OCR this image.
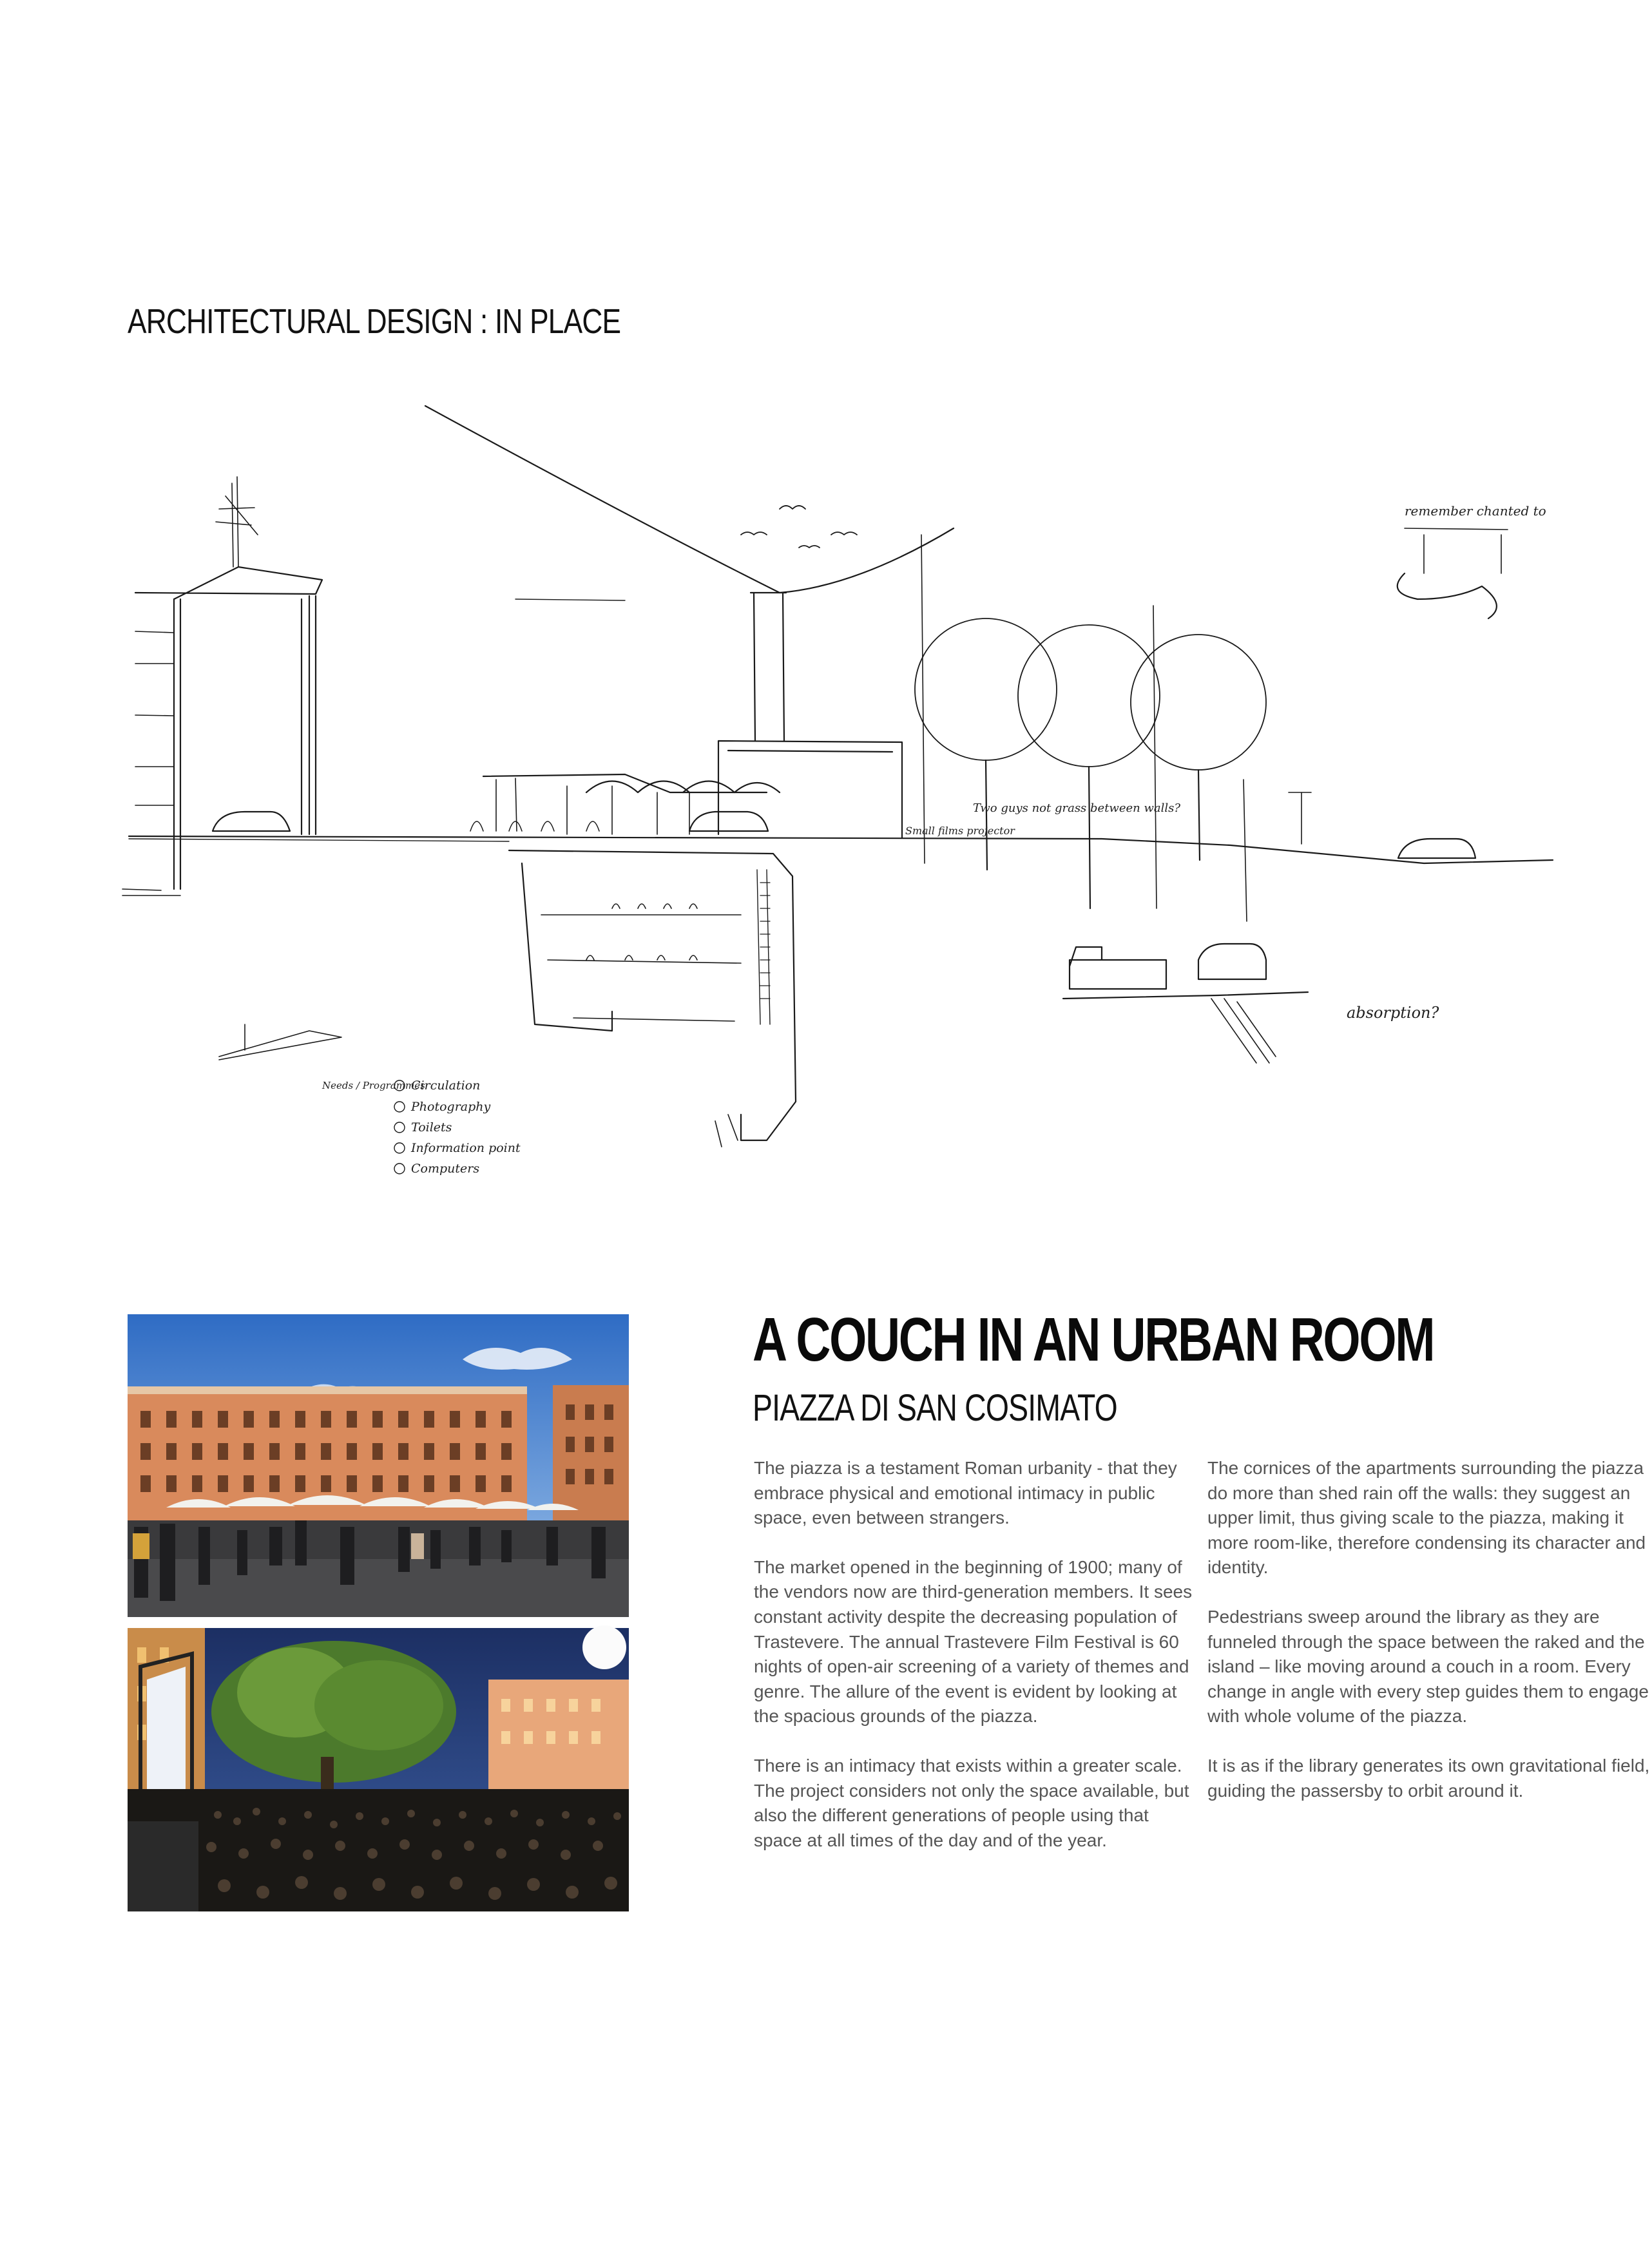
ARCHITECTURAL DESIGN : IN PLACE
remember chanted to
Two guys not grass between walls?
Small films projector
absorption?
Needs / Programmes
Circulation
Photography
Toilets
Information point
Computers
A COUCH IN AN URBAN ROOM
PIAZZA DI SAN COSIMATO

The piazza is a testament Roman urbanity - that they embrace physical and emotional intimacy in public space, even between strangers.

The market opened in the beginning of 1900; many of the vendors now are third-generation members. It sees constant activity despite the decreasing population of Trastevere. The annual Trastevere Film Festival is 60 nights of open-air screening of a variety of themes and genre. The allure of the event is evident by looking at the spacious grounds of the piazza.

There is an intimacy that exists within a greater scale. The project considers not only the space available, but also the different generations of people using that space at all times of the day and of the year.

The cornices of the apartments surrounding the piazza do more than shed rain off the walls: they suggest an upper limit, thus giving scale to the piazza, making it more room-like, therefore condensing its character and identity.

Pedestrians sweep around the library as they are funneled through the space between the raked and the island – like moving around a couch in a room. Every change in angle with every step guides them to engage with whole volume of the piazza.

It is as if the library generates its own gravitational field, guiding the passersby to orbit around it.
